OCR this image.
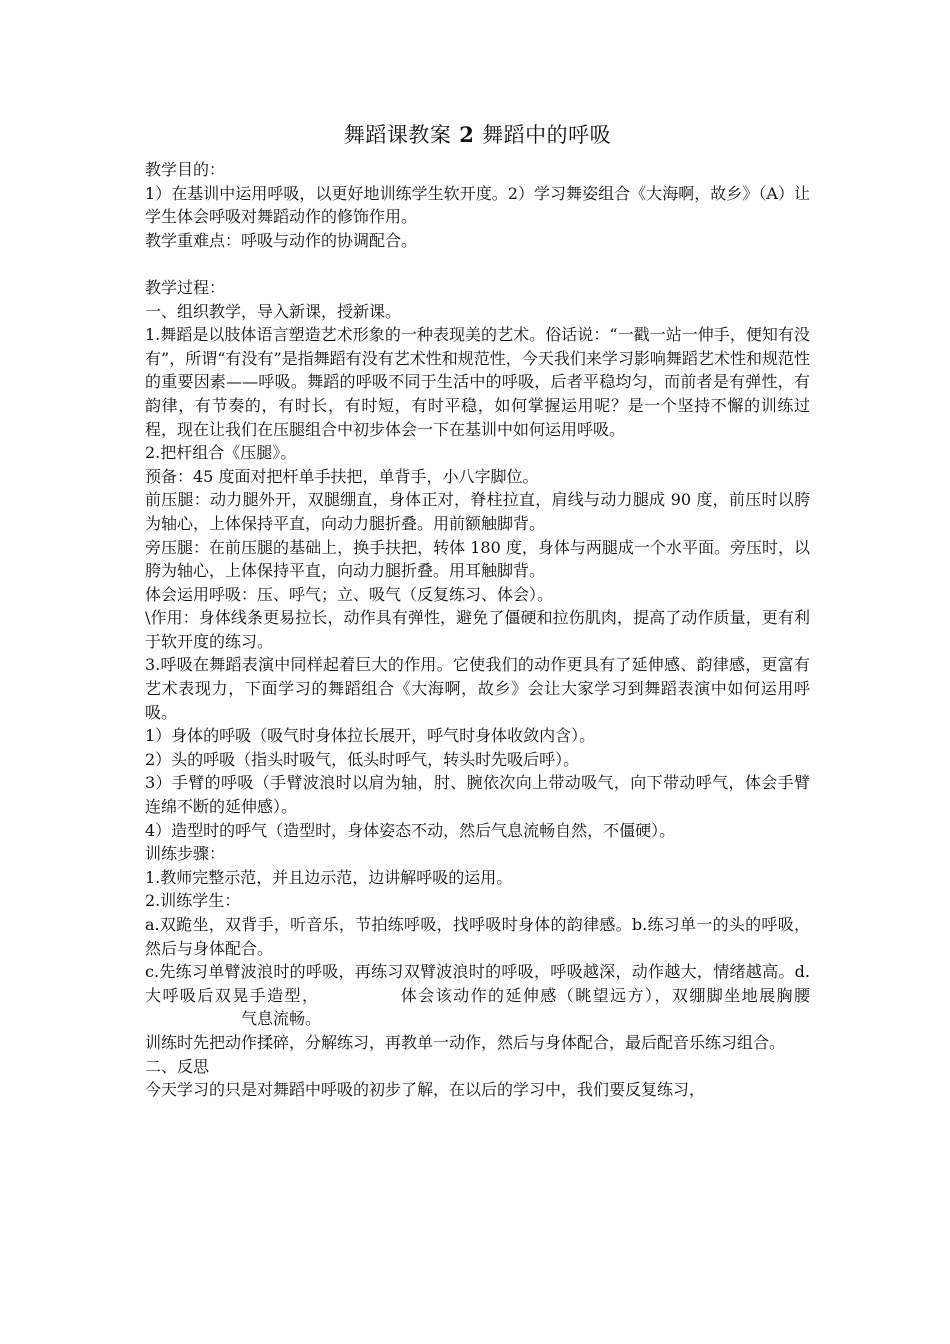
舞蹈课教案 2 舞蹈中的呼吸

教学目的：

1）在基训中运用呼吸，以更好地训练学生软开度。2）学习舞姿组合《大海啊，故乡》（A）让学生体会呼吸对舞蹈动作的修饰作用。

教学重难点：呼吸与动作的协调配合。

教学过程：

一、组织教学，导入新课，授新课。

1.舞蹈是以肢体语言塑造艺术形象的一种表现美的艺术。俗话说：“一戳一站一伸手，便知有没有”，所谓“有没有”是指舞蹈有没有艺术性和规范性，今天我们来学习影响舞蹈艺术性和规范性的重要因素——呼吸。舞蹈的呼吸不同于生活中的呼吸，后者平稳均匀，而前者是有弹性，有韵律，有节奏的，有时长，有时短，有时平稳，如何掌握运用呢？是一个坚持不懈的训练过程，现在让我们在压腿组合中初步体会一下在基训中如何运用呼吸。

2.把杆组合《压腿》。

预备：45 度面对把杆单手扶把，单背手，小八字脚位。

前压腿：动力腿外开，双腿绷直，身体正对，脊柱拉直，肩线与动力腿成 90 度，前压时以胯为轴心，上体保持平直，向动力腿折叠。用前额触脚背。

旁压腿：在前压腿的基础上，换手扶把，转体 180 度，身体与两腿成一个水平面。旁压时，以胯为轴心，上体保持平直，向动力腿折叠。用耳触脚背。

体会运用呼吸：压、呼气；立、吸气（反复练习、体会）。

\作用：身体线条更易拉长，动作具有弹性，避免了僵硬和拉伤肌肉，提高了动作质量，更有利于软开度的练习。

3.呼吸在舞蹈表演中同样起着巨大的作用。它使我们的动作更具有了延伸感、韵律感，更富有艺术表现力，下面学习的舞蹈组合《大海啊，故乡》会让大家学习到舞蹈表演中如何运用呼吸。

1）身体的呼吸（吸气时身体拉长展开，呼气时身体收敛内含）。

2）头的呼吸（指头时吸气，低头时呼气，转头时先吸后呼）。

3）手臂的呼吸（手臂波浪时以肩为轴，肘、腕依次向上带动吸气，向下带动呼气，体会手臂连绵不断的延伸感）。

4）造型时的呼气（造型时，身体姿态不动，然后气息流畅自然，不僵硬）。

训练步骤：

1.教师完整示范，并且边示范，边讲解呼吸的运用。

2.训练学生：

a.双跪坐，双背手，听音乐，节拍练呼吸，找呼吸时身体的韵律感。b.练习单一的头的呼吸，然后与身体配合。

c.先练习单臂波浪时的呼吸，再练习双臂波浪时的呼吸，呼吸越深，动作越大，情绪越高。d.大呼吸后双晃手造型，	体会该动作的延伸感（眺望远方），双绷脚坐地展胸腰气息流畅。

训练时先把动作揉碎，分解练习，再教单一动作，然后与身体配合，最后配音乐练习组合。

二、反思

今天学习的只是对舞蹈中呼吸的初步了解，在以后的学习中，我们要反复练习，
